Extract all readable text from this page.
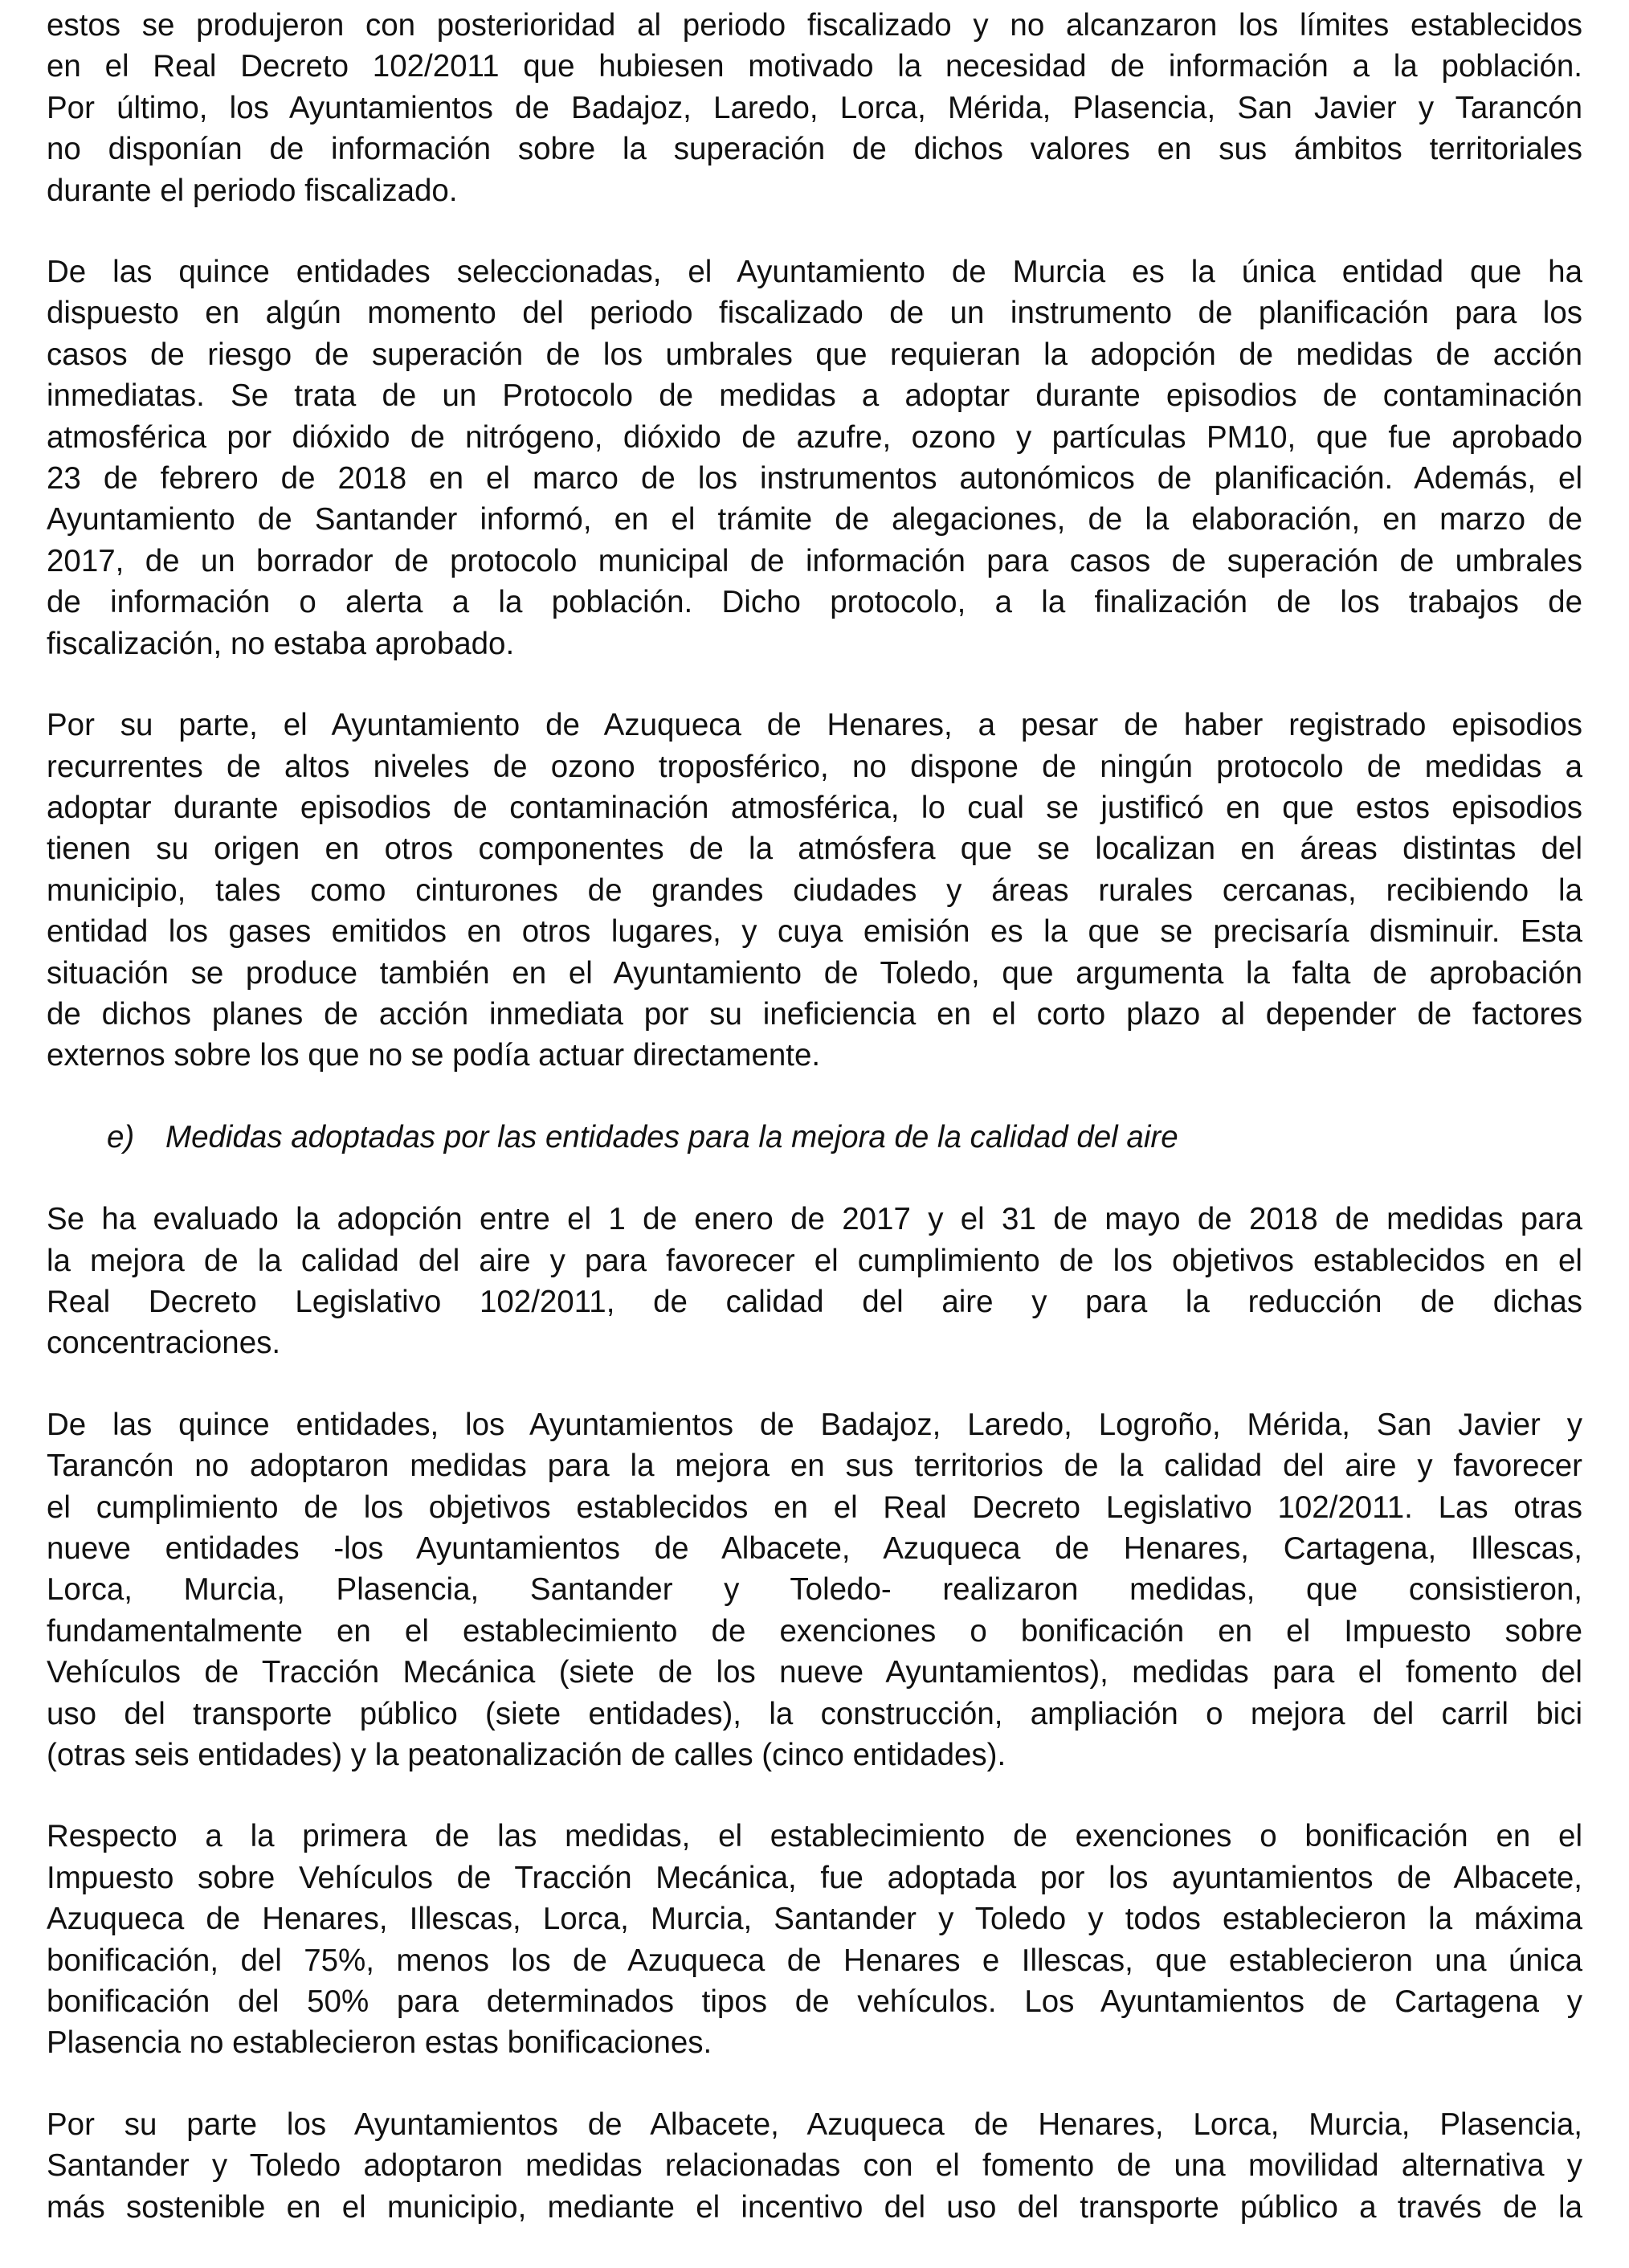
estos se produjeron con posterioridad al periodo fiscalizado y no alcanzaron los límites establecidos
en el Real Decreto 102/2011 que hubiesen motivado la necesidad de información a la población.
Por último, los Ayuntamientos de Badajoz, Laredo, Lorca, Mérida, Plasencia, San Javier y Tarancón
no disponían de información sobre la superación de dichos valores en sus ámbitos territoriales
durante el periodo fiscalizado.

De las quince entidades seleccionadas, el Ayuntamiento de Murcia es la única entidad que ha
dispuesto en algún momento del periodo fiscalizado de un instrumento de planificación para los
casos de riesgo de superación de los umbrales que requieran la adopción de medidas de acción
inmediatas. Se trata de un Protocolo de medidas a adoptar durante episodios de contaminación
atmosférica por dióxido de nitrógeno, dióxido de azufre, ozono y partículas PM10, que fue aprobado
23 de febrero de 2018 en el marco de los instrumentos autonómicos de planificación. Además, el
Ayuntamiento de Santander informó, en el trámite de alegaciones, de la elaboración, en marzo de
2017, de un borrador de protocolo municipal de información para casos de superación de umbrales
de información o alerta a la población. Dicho protocolo, a la finalización de los trabajos de
fiscalización, no estaba aprobado.

Por su parte, el Ayuntamiento de Azuqueca de Henares, a pesar de haber registrado episodios
recurrentes de altos niveles de ozono troposférico, no dispone de ningún protocolo de medidas a
adoptar durante episodios de contaminación atmosférica, lo cual se justificó en que estos episodios
tienen su origen en otros componentes de la atmósfera que se localizan en áreas distintas del
municipio, tales como cinturones de grandes ciudades y áreas rurales cercanas, recibiendo la
entidad los gases emitidos en otros lugares, y cuya emisión es la que se precisaría disminuir. Esta
situación se produce también en el Ayuntamiento de Toledo, que argumenta la falta de aprobación
de dichos planes de acción inmediata por su ineficiencia en el corto plazo al depender de factores
externos sobre los que no se podía actuar directamente.

e) Medidas adoptadas por las entidades para la mejora de la calidad del aire

Se ha evaluado la adopción entre el 1 de enero de 2017 y el 31 de mayo de 2018 de medidas para
la mejora de la calidad del aire y para favorecer el cumplimiento de los objetivos establecidos en el
Real Decreto Legislativo 102/2011, de calidad del aire y para la reducción de dichas
concentraciones.

De las quince entidades, los Ayuntamientos de Badajoz, Laredo, Logroño, Mérida, San Javier y
Tarancón no adoptaron medidas para la mejora en sus territorios de la calidad del aire y favorecer
el cumplimiento de los objetivos establecidos en el Real Decreto Legislativo 102/2011. Las otras
nueve entidades -los Ayuntamientos de Albacete, Azuqueca de Henares, Cartagena, Illescas,
Lorca, Murcia, Plasencia, Santander y Toledo- realizaron medidas, que consistieron,
fundamentalmente en el establecimiento de exenciones o bonificación en el Impuesto sobre
Vehículos de Tracción Mecánica (siete de los nueve Ayuntamientos), medidas para el fomento del
uso del transporte público (siete entidades), la construcción, ampliación o mejora del carril bici
(otras seis entidades) y la peatonalización de calles (cinco entidades).

Respecto a la primera de las medidas, el establecimiento de exenciones o bonificación en el
Impuesto sobre Vehículos de Tracción Mecánica, fue adoptada por los ayuntamientos de Albacete,
Azuqueca de Henares, Illescas, Lorca, Murcia, Santander y Toledo y todos establecieron la máxima
bonificación, del 75%, menos los de Azuqueca de Henares e Illescas, que establecieron una única
bonificación del 50% para determinados tipos de vehículos. Los Ayuntamientos de Cartagena y
Plasencia no establecieron estas bonificaciones.

Por su parte los Ayuntamientos de Albacete, Azuqueca de Henares, Lorca, Murcia, Plasencia,
Santander y Toledo adoptaron medidas relacionadas con el fomento de una movilidad alternativa y
más sostenible en el municipio, mediante el incentivo del uso del transporte público a través de la
